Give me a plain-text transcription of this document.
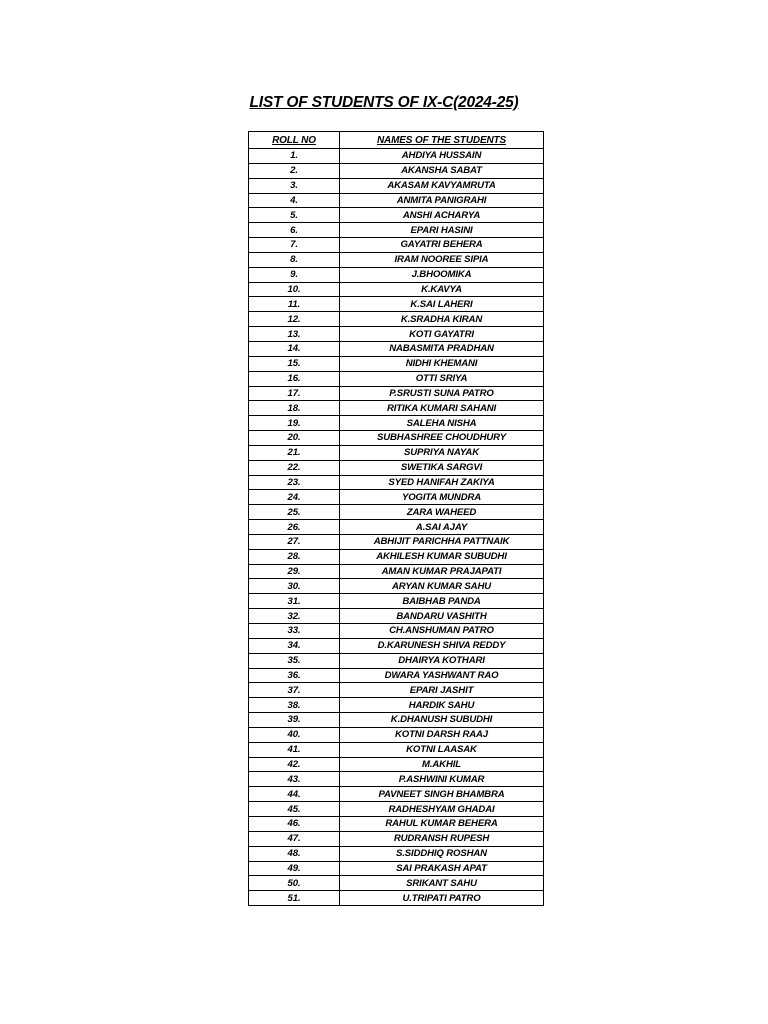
LIST OF STUDENTS OF IX-C(2024-25)
ROLL NO	NAMES OF THE STUDENTS
1.	AHDIYA HUSSAIN
2.	AKANSHA SABAT
3.	AKASAM KAVYAMRUTA
4.	ANMITA PANIGRAHI
5.	ANSHI ACHARYA
6.	EPARI HASINI
7.	GAYATRI BEHERA
8.	IRAM NOOREE SIPIA
9.	J.BHOOMIKA
10.	K.KAVYA
11.	K.SAI LAHERI
12.	K.SRADHA KIRAN
13.	KOTI GAYATRI
14.	NABASMITA PRADHAN
15.	NIDHI KHEMANI
16.	OTTI SRIYA
17.	P.SRUSTI SUNA PATRO
18.	RITIKA KUMARI SAHANI
19.	SALEHA NISHA
20.	SUBHASHREE CHOUDHURY
21.	SUPRIYA NAYAK
22.	SWETIKA SARGVI
23.	SYED HANIFAH ZAKIYA
24.	YOGITA MUNDRA
25.	ZARA WAHEED
26.	A.SAI AJAY
27.	ABHIJIT PARICHHA PATTNAIK
28.	AKHILESH KUMAR SUBUDHI
29.	AMAN KUMAR PRAJAPATI
30.	ARYAN KUMAR SAHU
31.	BAIBHAB PANDA
32.	BANDARU VASHITH
33.	CH.ANSHUMAN PATRO
34.	D.KARUNESH SHIVA REDDY
35.	DHAIRYA KOTHARI
36.	DWARA YASHWANT RAO
37.	EPARI JASHIT
38.	HARDIK SAHU
39.	K.DHANUSH SUBUDHI
40.	KOTNI DARSH RAAJ
41.	KOTNI LAASAK
42.	M.AKHIL
43.	P.ASHWINI KUMAR
44.	PAVNEET SINGH BHAMBRA
45.	RADHESHYAM GHADAI
46.	RAHUL KUMAR BEHERA
47.	RUDRANSH RUPESH
48.	S.SIDDHIQ ROSHAN
49.	SAI PRAKASH APAT
50.	SRIKANT SAHU
51.	U.TRIPATI PATRO
